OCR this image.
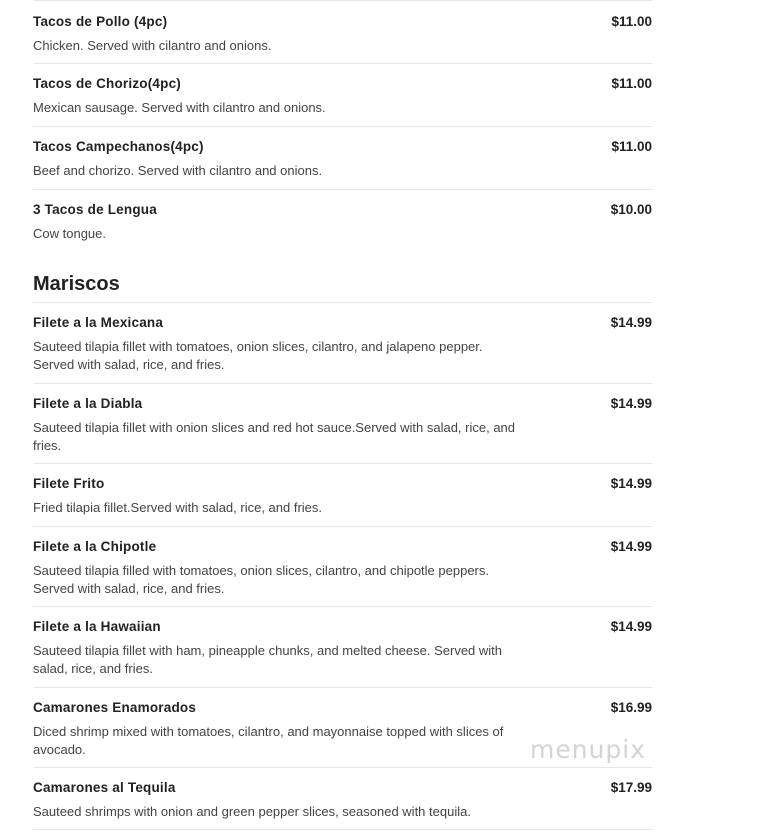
Tacos de Pollo (4pc)	$11.00
Chicken. Served with cilantro and onions.
Tacos de Chorizo(4pc)	$11.00
Mexican sausage. Served with cilantro and onions.
Tacos Campechanos(4pc)	$11.00
Beef and chorizo. Served with cilantro and onions.
3 Tacos de Lengua	$10.00
Cow tongue.
Mariscos
Filete a la Mexicana	$14.99
Sauteed tilapia fillet with tomatoes, onion slices, cilantro, and jalapeno pepper. Served with salad, rice, and fries.
Filete a la Diabla	$14.99
Sauteed tilapia fillet with onion slices and red hot sauce.Served with salad, rice, and fries.
Filete Frito	$14.99
Fried tilapia fillet.Served with salad, rice, and fries.
Filete a la Chipotle	$14.99
Sauteed tilapia filled with tomatoes, onion slices, cilantro, and chipotle peppers. Served with salad, rice, and fries.
Filete a la Hawaiian	$14.99
Sauteed tilapia fillet with ham, pineapple chunks, and melted cheese. Served with salad, rice, and fries.
Camarones Enamorados	$16.99
Diced shrimp mixed with tomatoes, cilantro, and mayonnaise topped with slices of avocado.
Camarones al Tequila	$17.99
Sauteed shrimps with onion and green pepper slices, seasoned with tequila.
menupix
